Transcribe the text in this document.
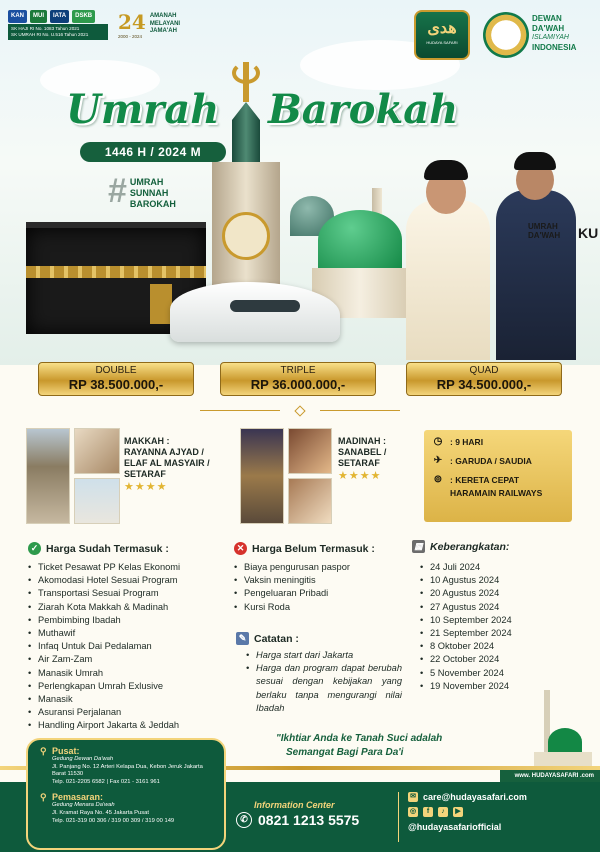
KAN	MUI	IATA	DSKB
SK HAJI RI No. 1083 Tahun 2021
SK UMRAH RI No. U.516 Tahun 2021
24
2000 - 2024
AMANAH
MELAYANI
JAMA'AH	هدى
HUDAYA SAFARI
DEWAN
DA'WAH
ISLAMIYAH
INDONESIA
Umrah Barokah
1446 H / 2024 M
# UMRAH
SUNNAH
BAROKAH
UMRAH DA'WAH KU
DOUBLE
RP 38.500.000,-
TRIPLE
RP 36.000.000,-
QUAD
RP 34.500.000,-
MAKKAH :
RAYANNA AJYAD /
ELAF AL MASYAIR /
SETARAF
★★★★
MADINAH :
SANABEL /
SETARAF
★★★★
◷ : 9 HARI
✈ : GARUDA / SAUDIA
⊚ : KERETA CEPAT
HARAMAIN RAILWAYS
✓ Harga Sudah Termasuk :
• Ticket Pesawat PP Kelas Ekonomi
• Akomodasi Hotel Sesuai Program
• Transportasi Sesuai Program
• Ziarah Kota Makkah & Madinah
• Pembimbing Ibadah
• Muthawif
• Infaq Untuk Dai Pedalaman
• Air Zam-Zam
• Manasik Umrah
• Perlengkapan Umrah Exlusive
• Manasik
• Asuransi Perjalanan
• Handling Airport Jakarta & Jeddah
✕ Harga Belum Termasuk :
• Biaya pengurusan paspor
• Vaksin meningitis
• Pengeluaran Pribadi
• Kursi Roda
✎ Catatan :
• Harga start dari Jakarta
• Harga dan program dapat berubah sesuai dengan kebijakan yang berlaku tanpa mengurangi nilai Ibadah
▦ Keberangkatan:
• 24 Juli 2024
• 10 Agustus 2024
• 20 Agustus 2024
• 27 Agustus 2024
• 10 September 2024
• 21 September 2024
• 8 Oktober 2024
• 22 October 2024
• 5 November 2024
• 19 November 2024
"Ikhtiar Anda ke Tanah Suci adalah
Semangat Bagi Para Da'i
www. HUDAYASAFARI .com
⚲ Pusat:
Gedung Dewan Da'wah
Jl. Panjang No. 12 Arteri Kelapa Dua, Kebon Jeruk Jakarta Barat 11530
Telp. 021-2205 6582 | Fax 021 - 3161 961
⚲ Pemasaran:
Gedung Menara Da'wah
Jl. Kramat Raya No. 45 Jakarta Pusat
Telp. 021-319 00 306 / 319 00 309 / 319 00 149
Information Center
✆ 0821 1213 5575
✉ care@hudayasafari.com
◎	f	♪	▶
@hudayasafariofficial
